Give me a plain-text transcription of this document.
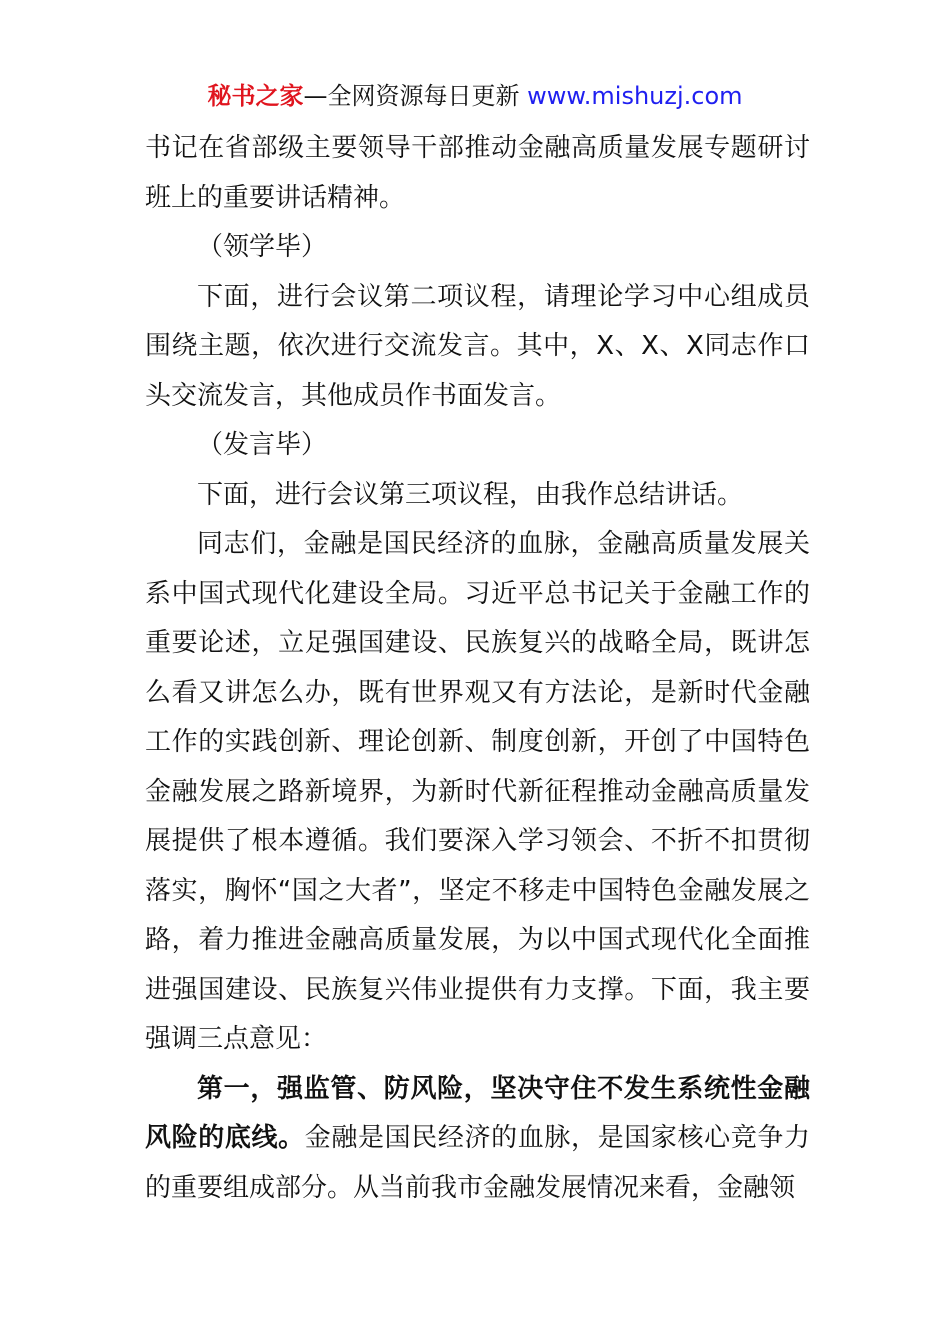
秘书之家—全网资源每日更新 www.mishuzj.com

书记在省部级主要领导干部推动金融高质量发展专题研讨班上的重要讲话精神。

（领学毕）

下面，进行会议第二项议程，请理论学习中心组成员围绕主题，依次进行交流发言。其中，X、X、X同志作口头交流发言，其他成员作书面发言。

（发言毕）

下面，进行会议第三项议程，由我作总结讲话。

同志们，金融是国民经济的血脉，金融高质量发展关系中国式现代化建设全局。习近平总书记关于金融工作的重要论述，立足强国建设、民族复兴的战略全局，既讲怎么看又讲怎么办，既有世界观又有方法论，是新时代金融工作的实践创新、理论创新、制度创新，开创了中国特色金融发展之路新境界，为新时代新征程推动金融高质量发展提供了根本遵循。我们要深入学习领会、不折不扣贯彻落实，胸怀“国之大者”，坚定不移走中国特色金融发展之路，着力推进金融高质量发展，为以中国式现代化全面推进强国建设、民族复兴伟业提供有力支撑。下面，我主要强调三点意见：

第一，强监管、防风险，坚决守住不发生系统性金融风险的底线。金融是国民经济的血脉，是国家核心竞争力的重要组成部分。从当前我市金融发展情况来看，金融领
